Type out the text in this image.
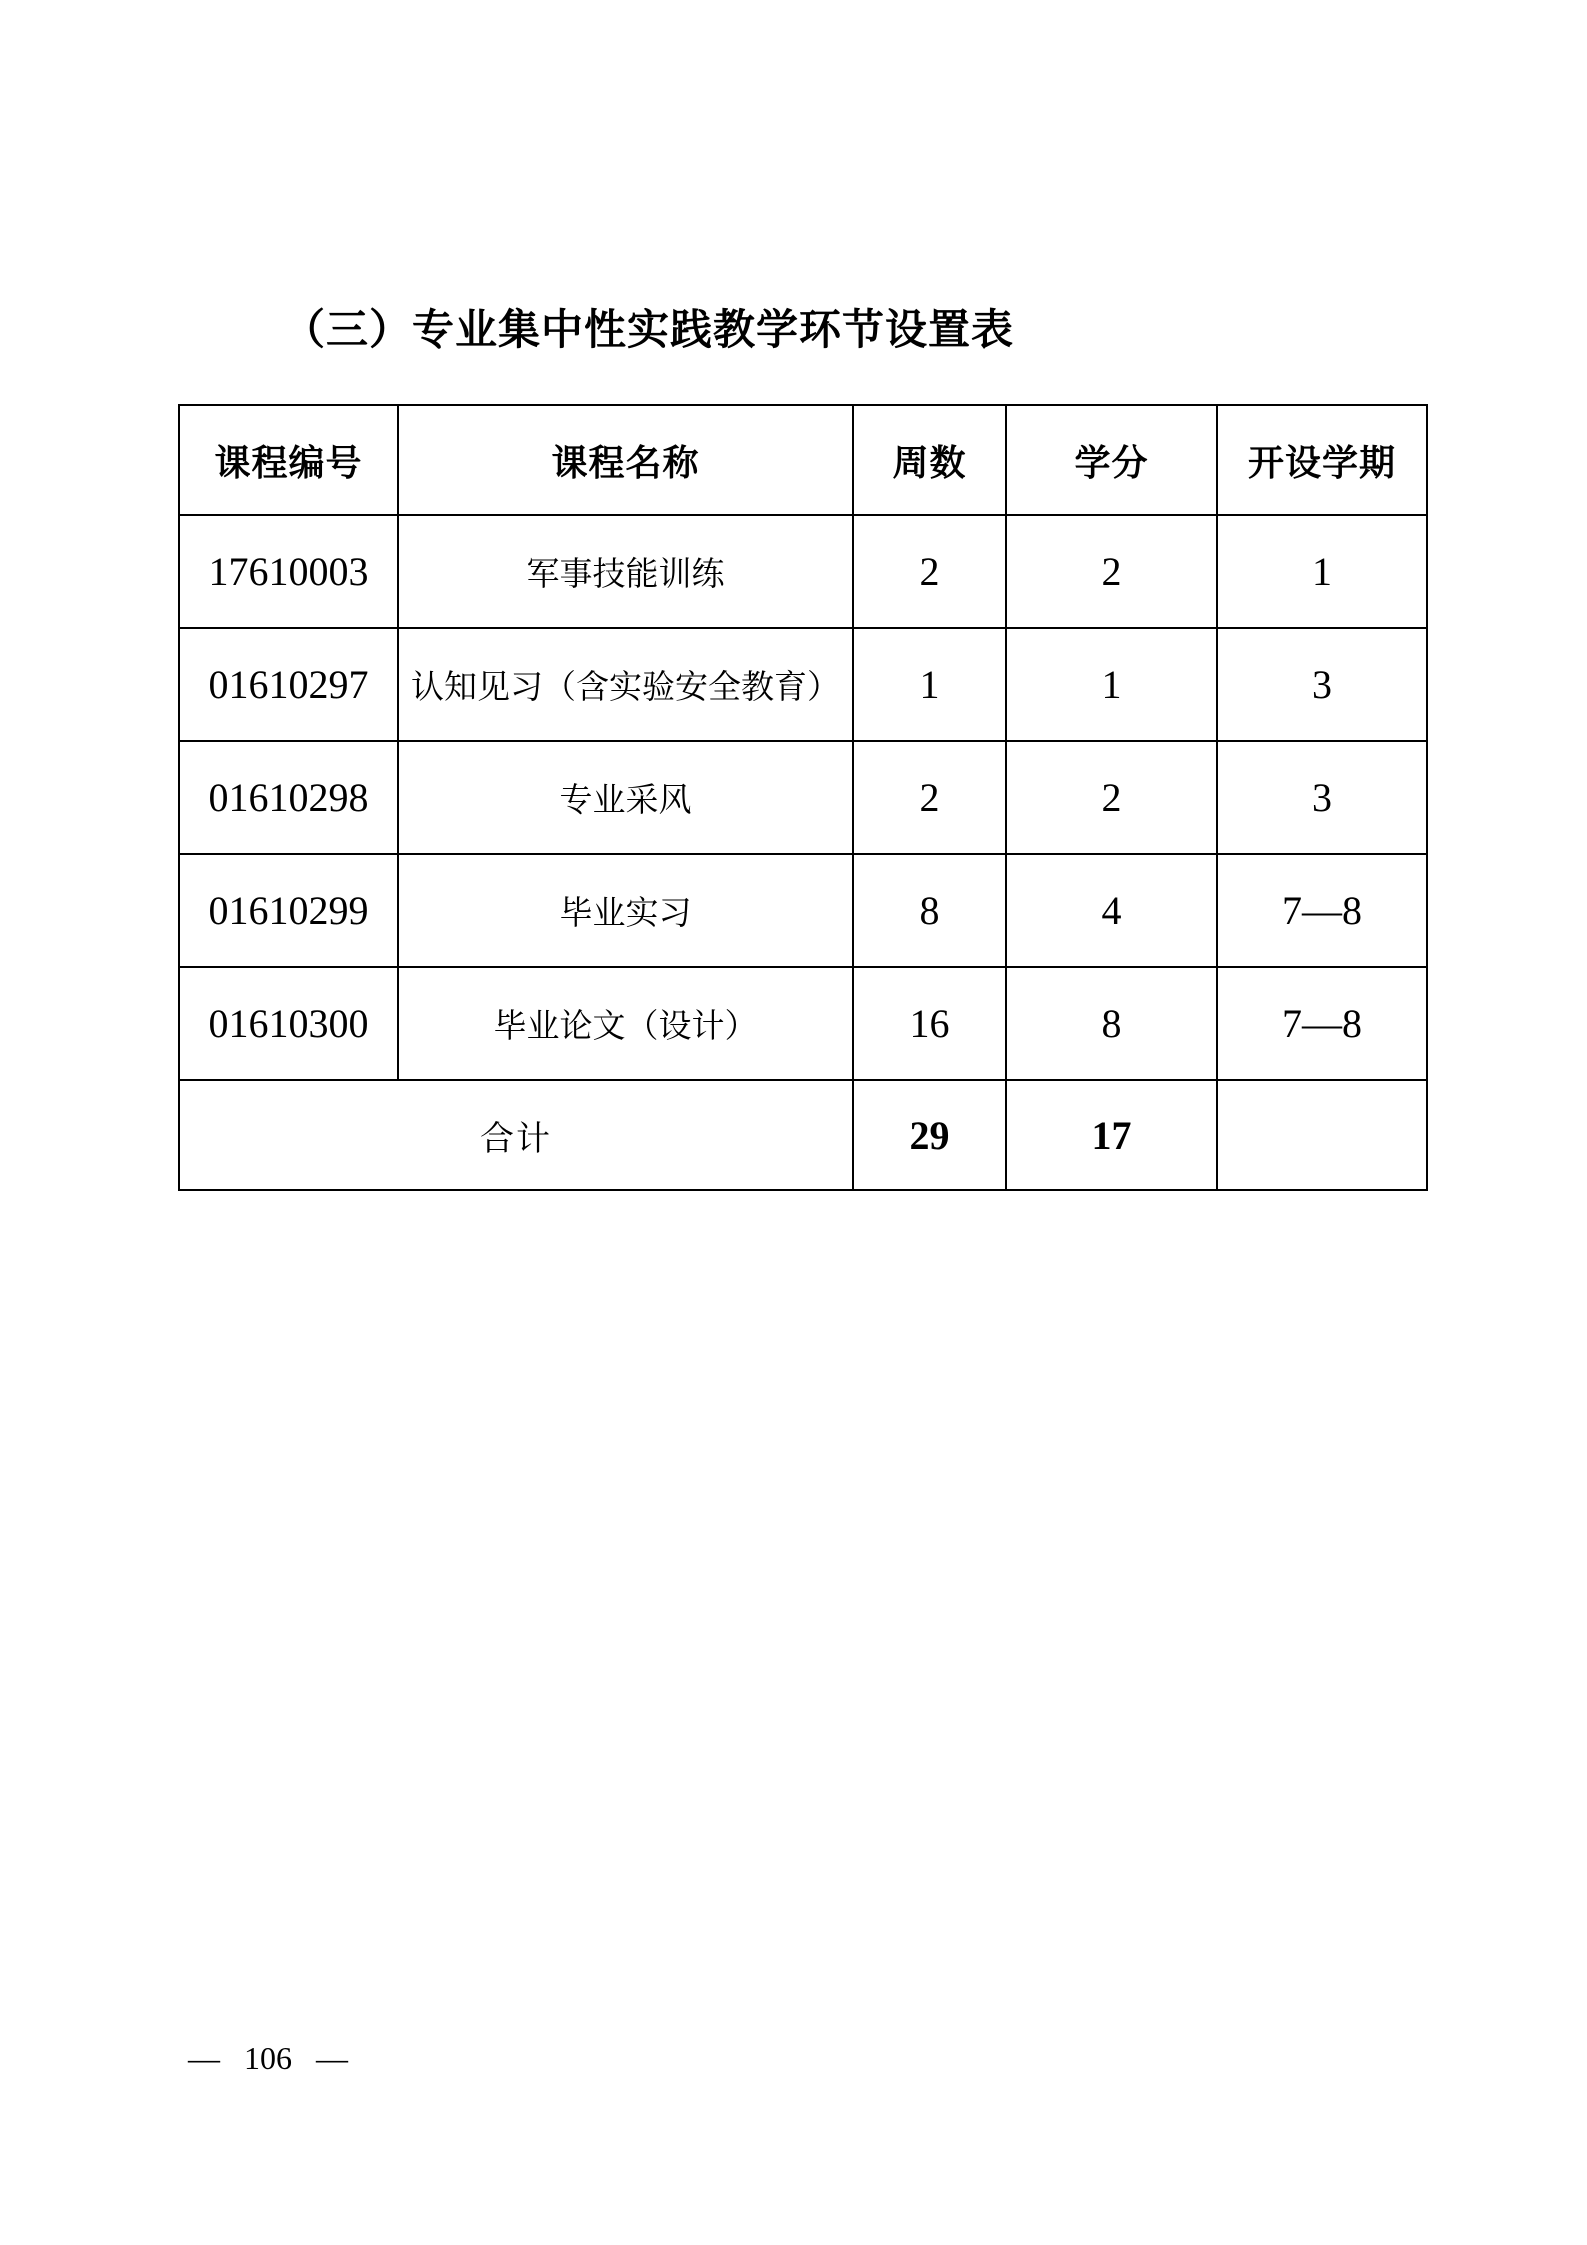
（三）专业集中性实践教学环节设置表
课程编号	课程名称	周数	学分	开设学期
17610003	军事技能训练	2	2	1
01610297	认知见习（含实验安全教育）	1	1	3
01610298	专业采风	2	2	3
01610299	毕业实习	8	4	7—8
01610300	毕业论文（设计）	16	8	7—8
合计		29	17	
— 106 —
